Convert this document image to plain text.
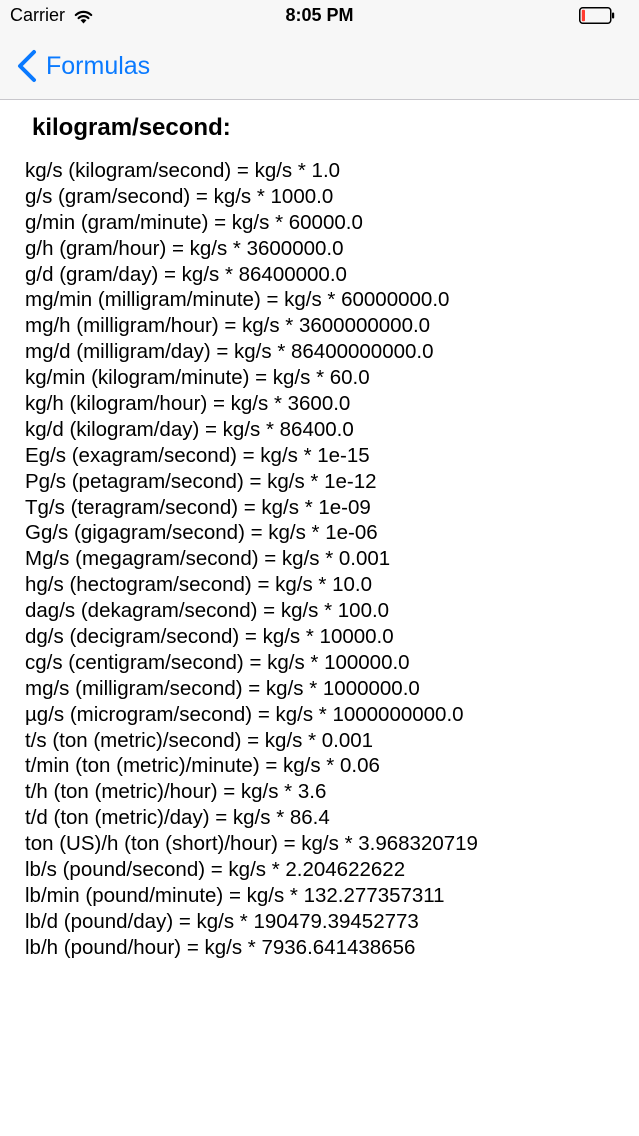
Carrier	8:05 PM
Formulas
kilogram/second:
kg/s (kilogram/second) = kg/s * 1.0
g/s (gram/second) = kg/s * 1000.0
g/min (gram/minute) = kg/s * 60000.0
g/h (gram/hour) = kg/s * 3600000.0
g/d (gram/day) = kg/s * 86400000.0
mg/min (milligram/minute) = kg/s * 60000000.0
mg/h (milligram/hour) = kg/s * 3600000000.0
mg/d (milligram/day) = kg/s * 86400000000.0
kg/min (kilogram/minute) = kg/s * 60.0
kg/h (kilogram/hour) = kg/s * 3600.0
kg/d (kilogram/day) = kg/s * 86400.0
Eg/s (exagram/second) = kg/s * 1e-15
Pg/s (petagram/second) = kg/s * 1e-12
Tg/s (teragram/second) = kg/s * 1e-09
Gg/s (gigagram/second) = kg/s * 1e-06
Mg/s (megagram/second) = kg/s * 0.001
hg/s (hectogram/second) = kg/s * 10.0
dag/s (dekagram/second) = kg/s * 100.0
dg/s (decigram/second) = kg/s * 10000.0
cg/s (centigram/second) = kg/s * 100000.0
mg/s (milligram/second) = kg/s * 1000000.0
µg/s (microgram/second) = kg/s * 1000000000.0
t/s (ton (metric)/second) = kg/s * 0.001
t/min (ton (metric)/minute) = kg/s * 0.06
t/h (ton (metric)/hour) = kg/s * 3.6
t/d (ton (metric)/day) = kg/s * 86.4
ton (US)/h (ton (short)/hour) = kg/s * 3.968320719
lb/s (pound/second) = kg/s * 2.204622622
lb/min (pound/minute) = kg/s * 132.277357311
lb/d (pound/day) = kg/s * 190479.39452773
lb/h (pound/hour) = kg/s * 7936.641438656
